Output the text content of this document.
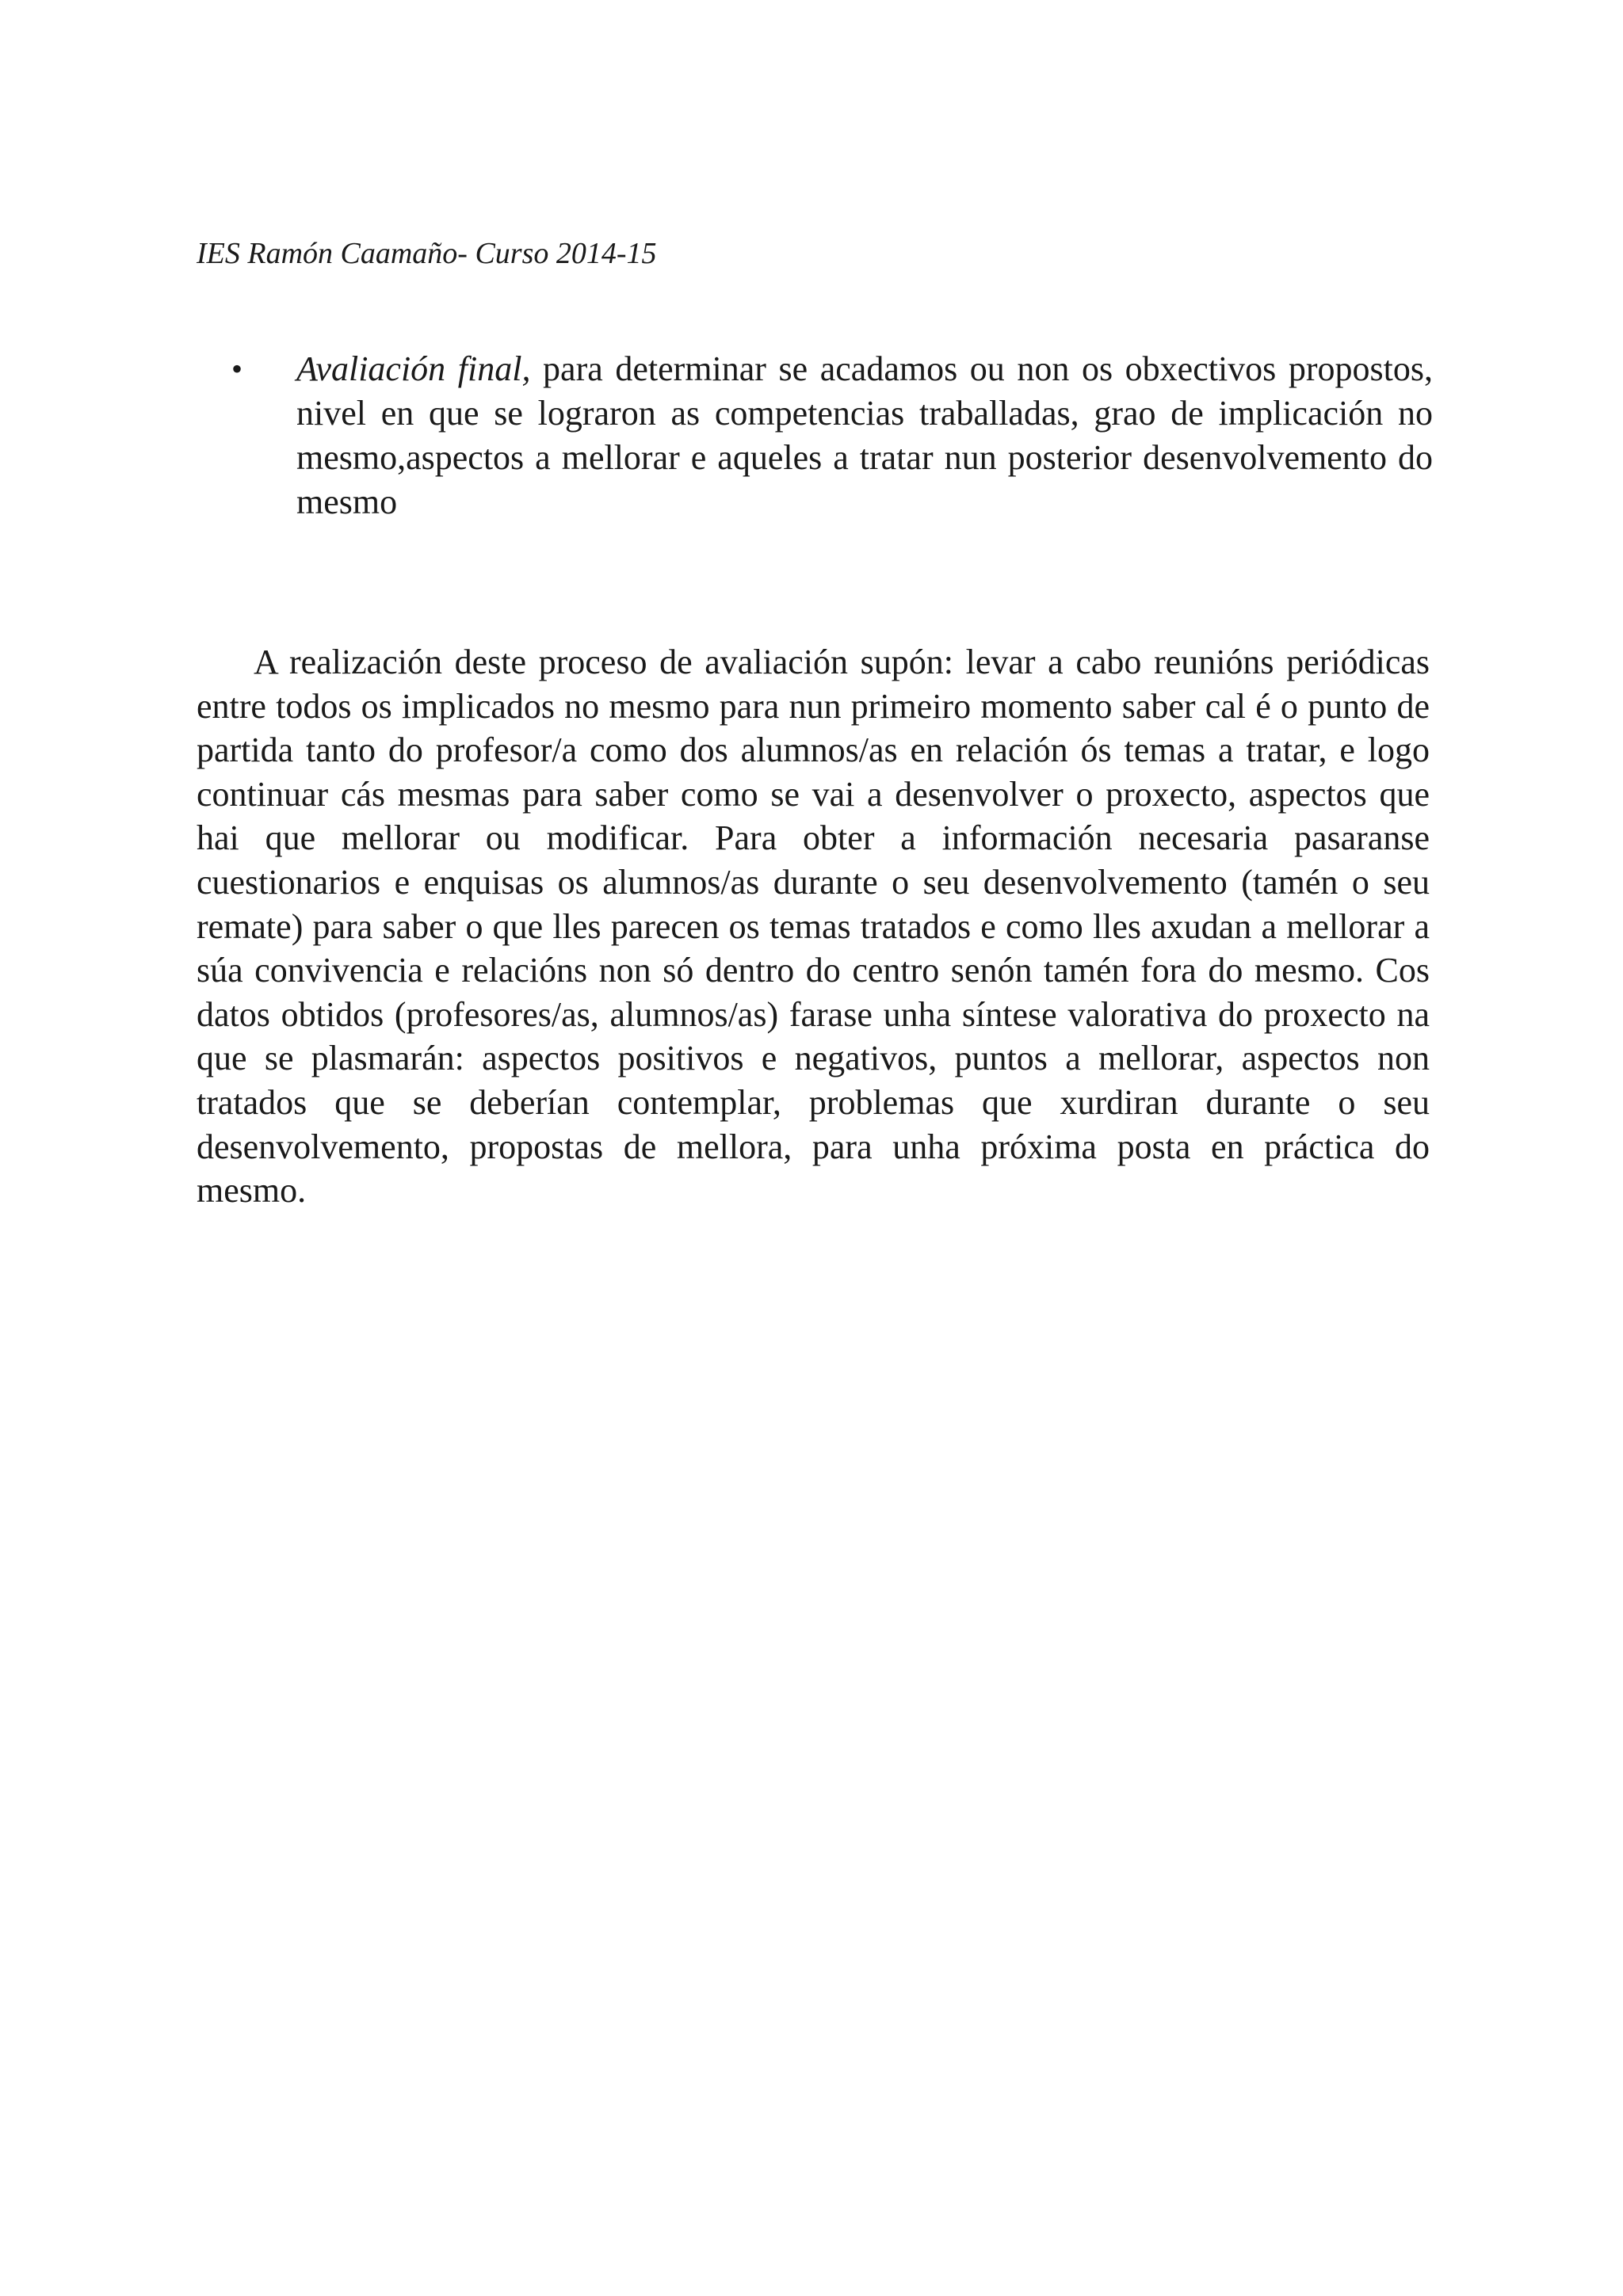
IES Ramón Caamaño- Curso 2014-15
•	Avaliación final, para determinar se acadamos ou non os obxectivos propostos, nivel en que se lograron as competencias traballadas, grao de implicación no mesmo,aspectos a mellorar e aqueles a tratar nun posterior desenvolvemento do mesmo

A realización deste proceso de avaliación supón: levar a cabo reunións periódicas entre todos os implicados no mesmo para nun primeiro momento saber cal é o punto de partida tanto do profesor/a como dos alumnos/as en relación ós temas a tratar, e logo continuar cás mesmas para saber como se vai a desenvolver o proxecto, aspectos que hai que mellorar ou modificar. Para obter a información necesaria pasaranse cuestionarios e enquisas os alumnos/as durante o seu desenvolvemento (tamén o seu remate) para saber o que lles parecen os temas tratados e como lles axudan a mellorar a súa convivencia e relacións non só dentro do centro senón tamén fora do mesmo. Cos datos obtidos (profesores/as, alumnos/as) farase unha síntese valorativa do proxecto na que se plasmarán: aspectos positivos e negativos, puntos a mellorar, aspectos non tratados que se deberían contemplar, problemas que xurdiran durante o seu desenvolvemento, propostas de mellora, para unha próxima posta en práctica do mesmo.
